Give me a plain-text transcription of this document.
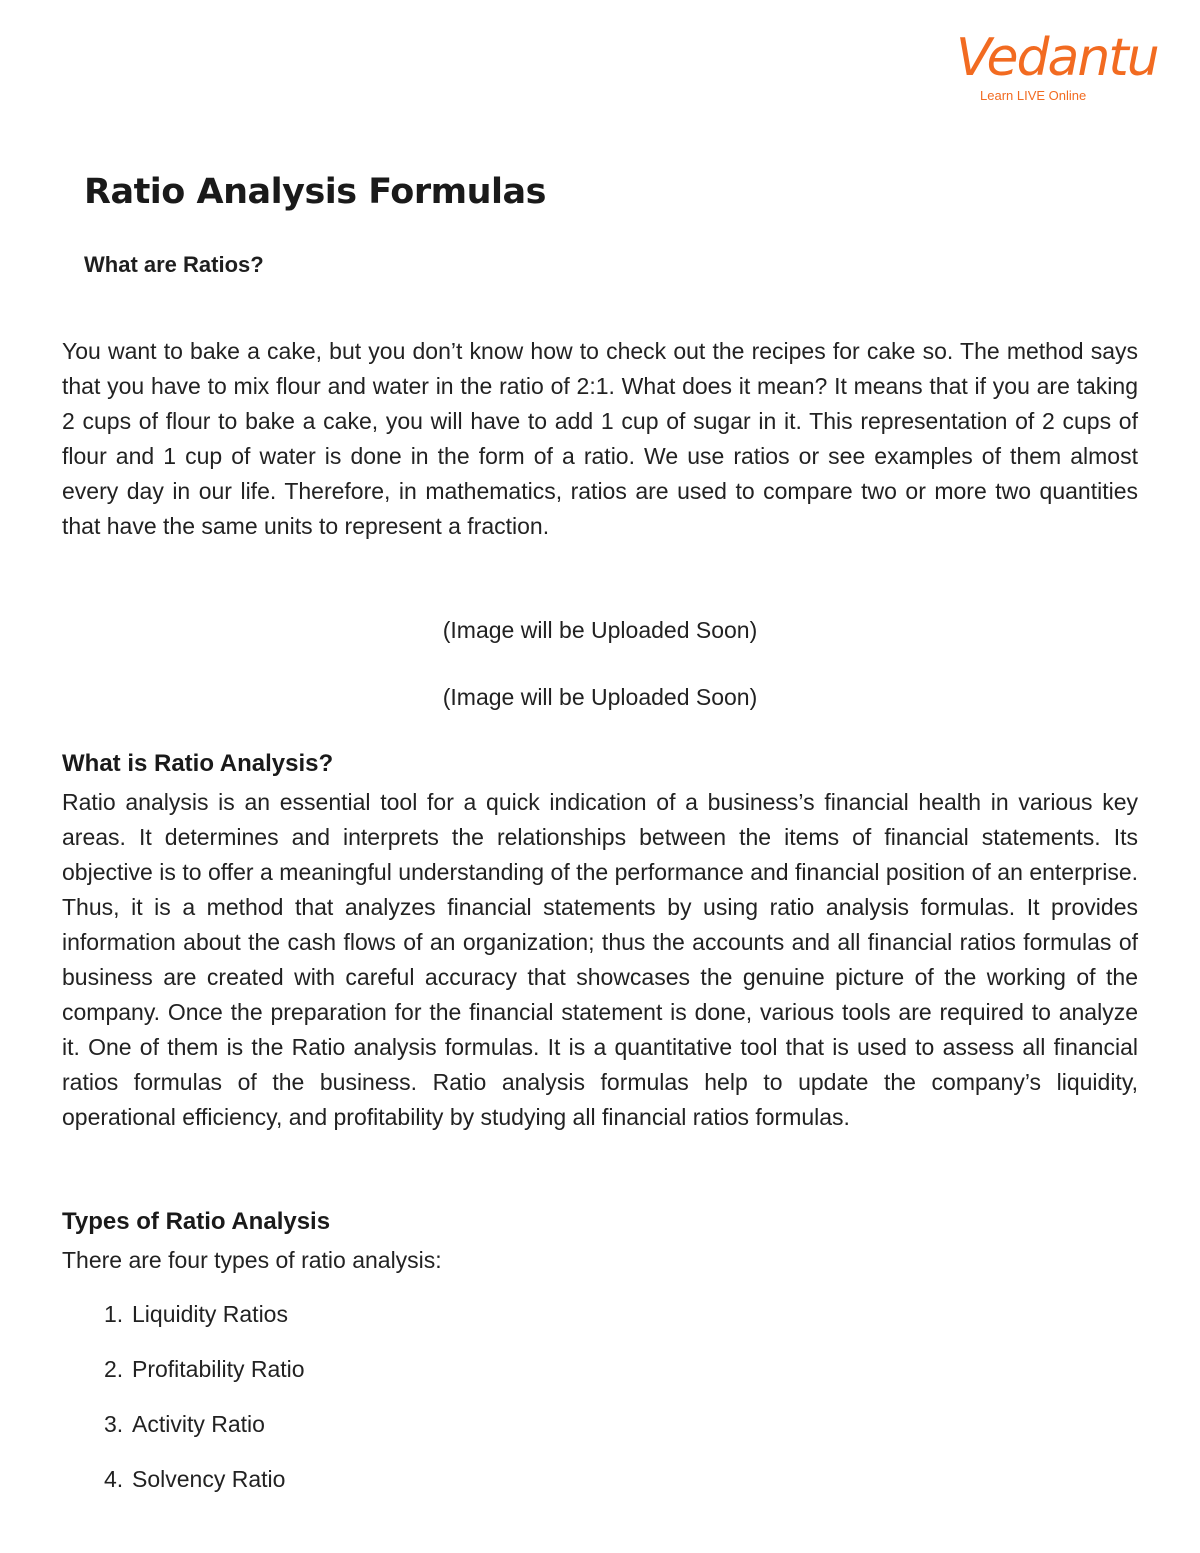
Vedantu
Learn LIVE Online
Ratio Analysis Formulas
What are Ratios?

You want to bake a cake, but you don’t know how to check out the recipes for cake so. The method says that you have to mix flour and water in the ratio of 2:1. What does it mean? It means that if you are taking 2 cups of flour to bake a cake, you will have to add 1 cup of sugar in it. This representation of 2 cups of flour and 1 cup of water is done in the form of a ratio. We use ratios or see examples of them almost every day in our life. Therefore, in mathematics, ratios are used to compare two or more two quantities that have the same units to represent a fraction.

(Image will be Uploaded Soon)

(Image will be Uploaded Soon)

What is Ratio Analysis?

Ratio analysis is an essential tool for a quick indication of a business’s financial health in various key areas. It determines and interprets the relationships between the items of financial statements. Its objective is to offer a meaningful understanding of the performance and financial position of an enterprise. Thus, it is a method that analyzes financial statements by using ratio analysis formulas. It provides information about the cash flows of an organization; thus the accounts and all financial ratios formulas of business are created with careful accuracy that showcases the genuine picture of the working of the company. Once the preparation for the financial statement is done, various tools are required to analyze it. One of them is the Ratio analysis formulas. It is a quantitative tool that is used to assess all financial ratios formulas of the business. Ratio analysis formulas help to update the company’s liquidity, operational efficiency, and profitability by studying all financial ratios formulas.

Types of Ratio Analysis

There are four types of ratio analysis:

1. Liquidity Ratios
2. Profitability Ratio
3. Activity Ratio
4. Solvency Ratio
